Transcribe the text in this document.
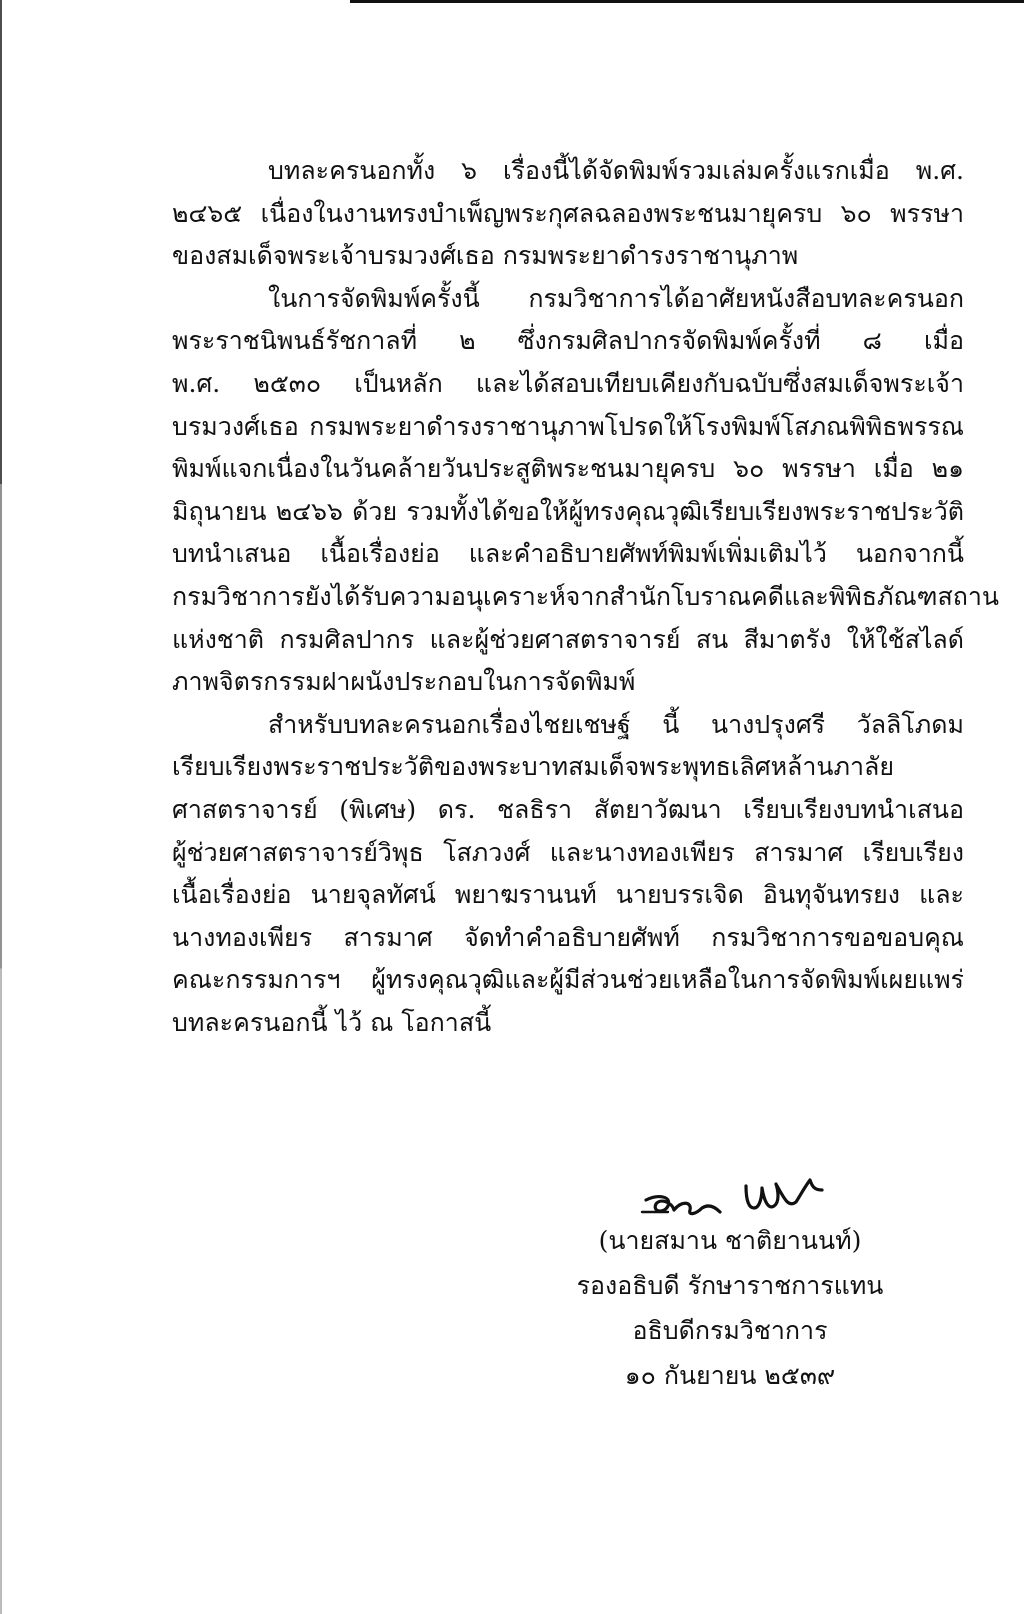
บทละครนอกทั้ง ๖ เรื่องนี้ได้จัดพิมพ์รวมเล่มครั้งแรกเมื่อ พ.ศ.
๒๔๖๕ เนื่องในงานทรงบำเพ็ญพระกุศลฉลองพระชนมายุครบ ๖๐ พรรษา
ของสมเด็จพระเจ้าบรมวงศ์เธอ กรมพระยาดำรงราชานุภาพ

ในการจัดพิมพ์ครั้งนี้ กรมวิชาการได้อาศัยหนังสือบทละครนอก
พระราชนิพนธ์รัชกาลที่ ๒ ซึ่งกรมศิลปากรจัดพิมพ์ครั้งที่ ๘ เมื่อ
พ.ศ. ๒๕๓๐ เป็นหลัก และได้สอบเทียบเคียงกับฉบับซึ่งสมเด็จพระเจ้า
บรมวงศ์เธอ กรมพระยาดำรงราชานุภาพโปรดให้โรงพิมพ์โสภณพิพิธพรรณ
พิมพ์แจกเนื่องในวันคล้ายวันประสูติพระชนมายุครบ ๖๐ พรรษา เมื่อ ๒๑
มิถุนายน ๒๔๖๖ ด้วย รวมทั้งได้ขอให้ผู้ทรงคุณวุฒิเรียบเรียงพระราชประวัติ
บทนำเสนอ เนื้อเรื่องย่อ และคำอธิบายศัพท์พิมพ์เพิ่มเติมไว้ นอกจากนี้
กรมวิชาการยังได้รับความอนุเคราะห์จากสำนักโบราณคดีและพิพิธภัณฑสถาน
แห่งชาติ กรมศิลปากร และผู้ช่วยศาสตราจารย์ สน สีมาตรัง ให้ใช้สไลด์
ภาพจิตรกรรมฝาผนังประกอบในการจัดพิมพ์

สำหรับบทละครนอกเรื่องไชยเชษฐ์ นี้ นางปรุงศรี วัลลิโภดม
เรียบเรียงพระราชประวัติของพระบาทสมเด็จพระพุทธเลิศหล้านภาลัย
ศาสตราจารย์ (พิเศษ) ดร. ชลธิรา สัตยาวัฒนา เรียบเรียงบทนำเสนอ
ผู้ช่วยศาสตราจารย์วิพุธ โสภวงศ์ และนางทองเพียร สารมาศ เรียบเรียง
เนื้อเรื่องย่อ นายจุลทัศน์ พยาฆรานนท์ นายบรรเจิด อินทุจันทรยง และ
นางทองเพียร สารมาศ จัดทำคำอธิบายศัพท์ กรมวิชาการขอขอบคุณ
คณะกรรมการฯ ผู้ทรงคุณวุฒิและผู้มีส่วนช่วยเหลือในการจัดพิมพ์เผยแพร่
บทละครนอกนี้ ไว้ ณ โอกาสนี้

(นายสมาน ชาติยานนท์)
รองอธิบดี รักษาราชการแทน
อธิบดีกรมวิชาการ
๑๐ กันยายน ๒๕๓๙
